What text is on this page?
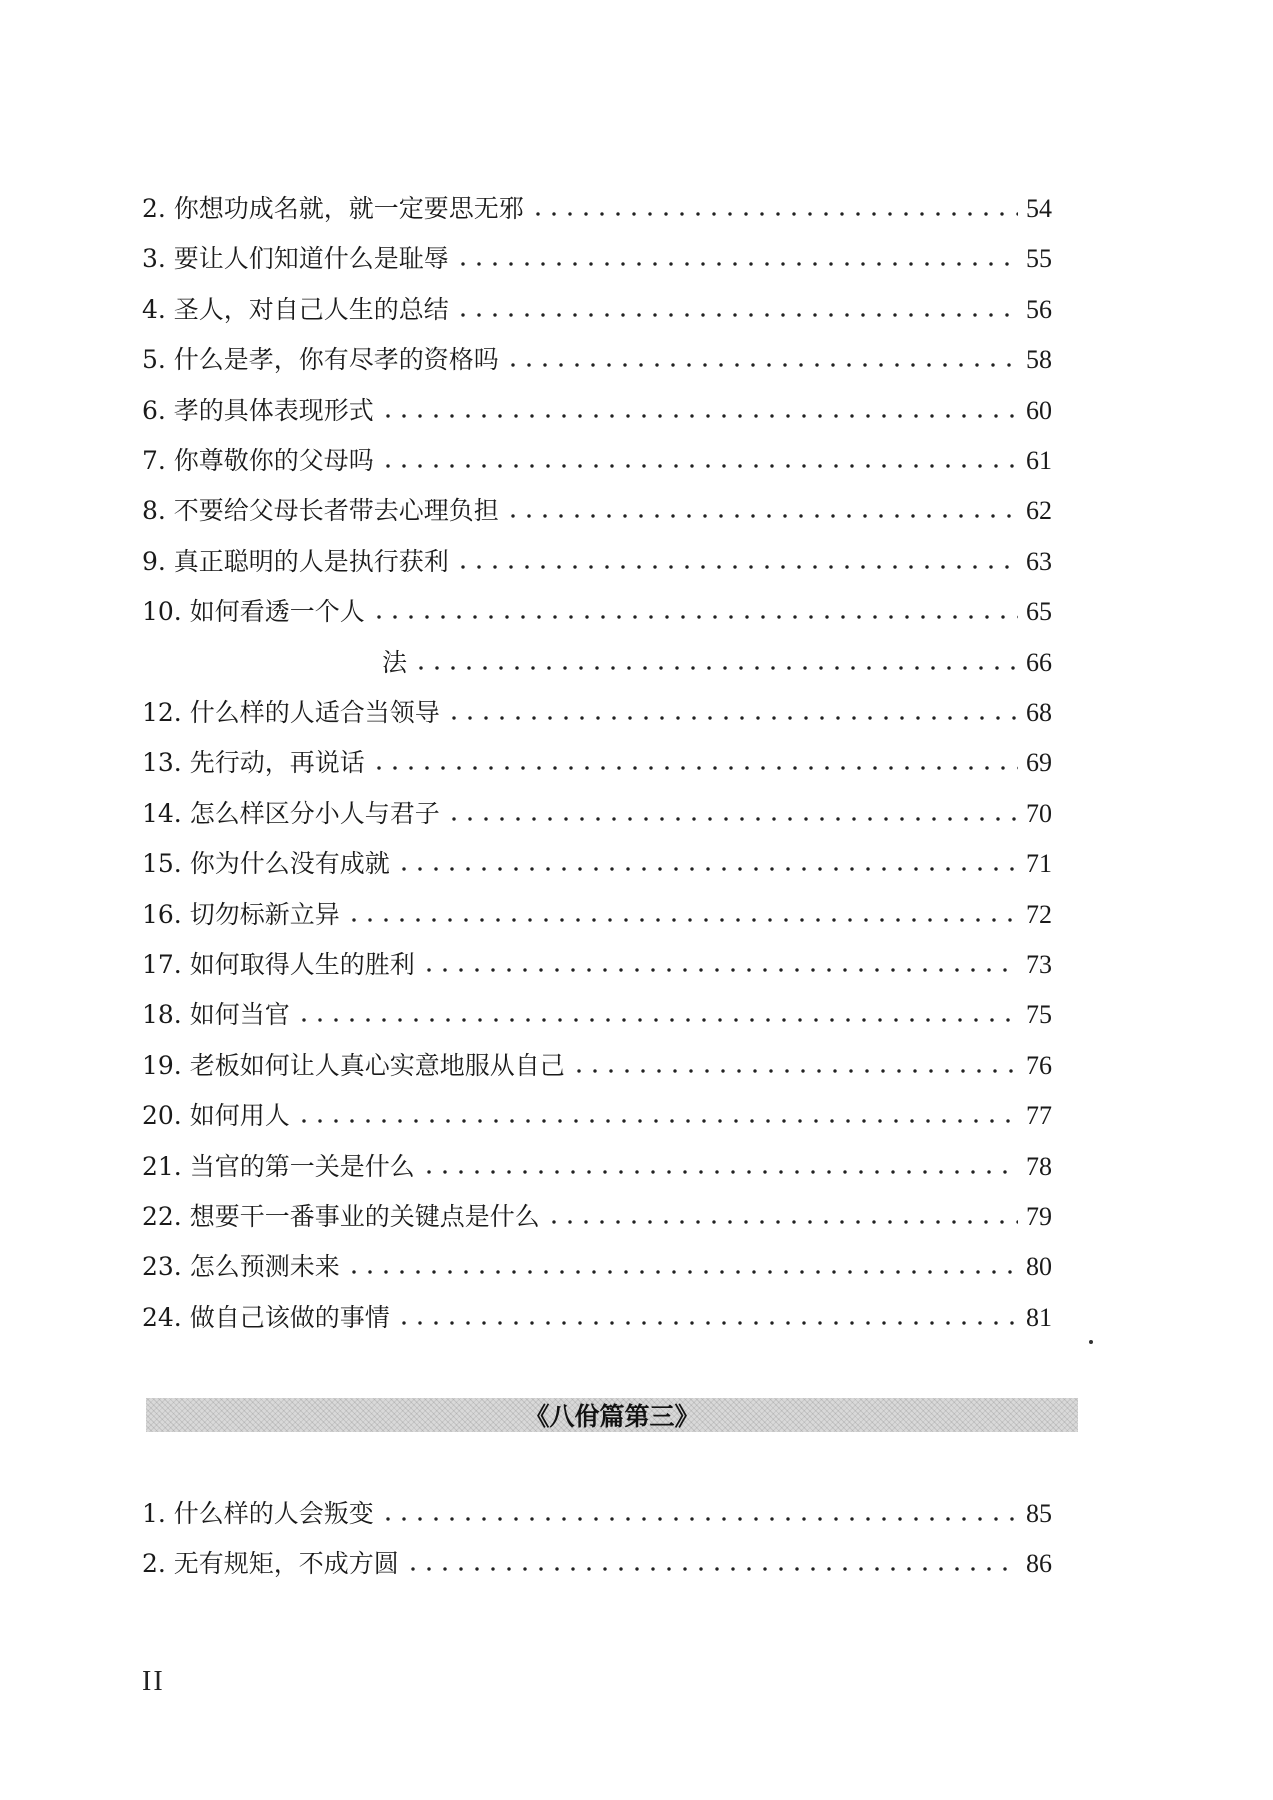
2. 你想功成名就，就一定要思无邪	54
3. 要让人们知道什么是耻辱	55
4. 圣人，对自己人生的总结	56
5. 什么是孝，你有尽孝的资格吗	58
6. 孝的具体表现形式	60
7. 你尊敬你的父母吗	61
8. 不要给父母长者带去心理负担	62
9. 真正聪明的人是执行获利	63
10. 如何看透一个人	65
法	66
12. 什么样的人适合当领导	68
13. 先行动，再说话	69
14. 怎么样区分小人与君子	70
15. 你为什么没有成就	71
16. 切勿标新立异	72
17. 如何取得人生的胜利	73
18. 如何当官	75
19. 老板如何让人真心实意地服从自己	76
20. 如何用人	77
21. 当官的第一关是什么	78
22. 想要干一番事业的关键点是什么	79
23. 怎么预测未来	80
24. 做自己该做的事情	81
1. 什么样的人会叛变	85
2. 无有规矩，不成方圆	86
《八佾篇第三》
II
